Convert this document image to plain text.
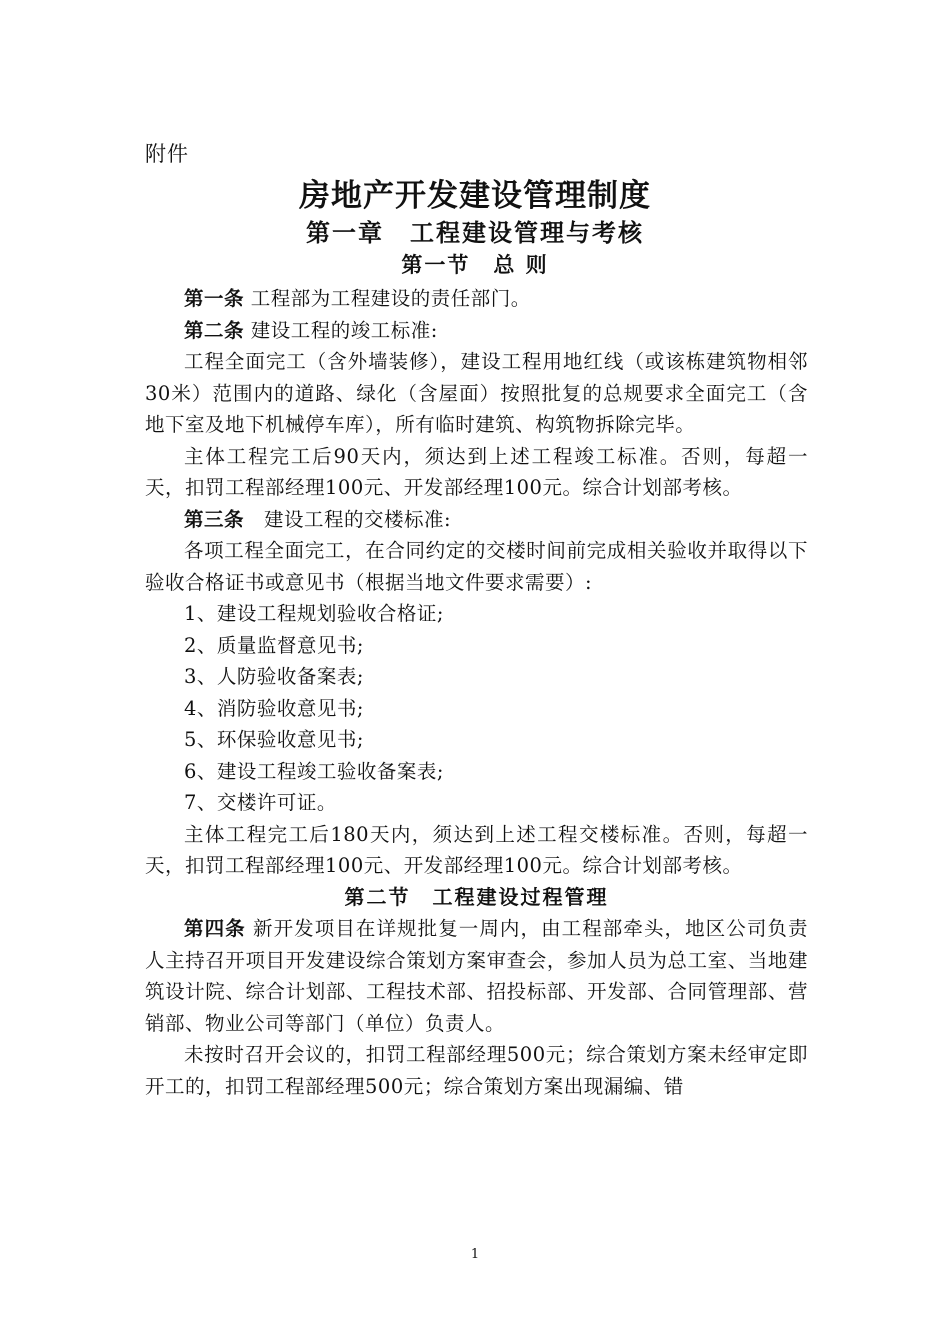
附件
房地产开发建设管理制度
第一章　工程建设管理与考核
第一节　总 则

第一条 工程部为工程建设的责任部门。

第二条 建设工程的竣工标准:

工程全面完工（含外墙装修），建设工程用地红线（或该栋建筑物相邻30米）范围内的道路、绿化（含屋面）按照批复的总规要求全面完工（含地下室及地下机械停车库），所有临时建筑、构筑物拆除完毕。

主体工程完工后90天内，须达到上述工程竣工标准。否则，每超一天，扣罚工程部经理100元、开发部经理100元。综合计划部考核。

第三条　建设工程的交楼标准:

各项工程全面完工，在合同约定的交楼时间前完成相关验收并取得以下验收合格证书或意见书（根据当地文件要求需要）:

1、建设工程规划验收合格证;

2、质量监督意见书;

3、人防验收备案表;

4、消防验收意见书;

5、环保验收意见书;

6、建设工程竣工验收备案表;

7、交楼许可证。

主体工程完工后180天内，须达到上述工程交楼标准。否则，每超一天，扣罚工程部经理100元、开发部经理100元。综合计划部考核。

第二节　工程建设过程管理

第四条 新开发项目在详规批复一周内，由工程部牵头，地区公司负责人主持召开项目开发建设综合策划方案审查会，参加人员为总工室、当地建筑设计院、综合计划部、工程技术部、招投标部、开发部、合同管理部、营销部、物业公司等部门（单位）负责人。

未按时召开会议的，扣罚工程部经理500元；综合策划方案未经审定即开工的，扣罚工程部经理500元；综合策划方案出现漏编、错

1
